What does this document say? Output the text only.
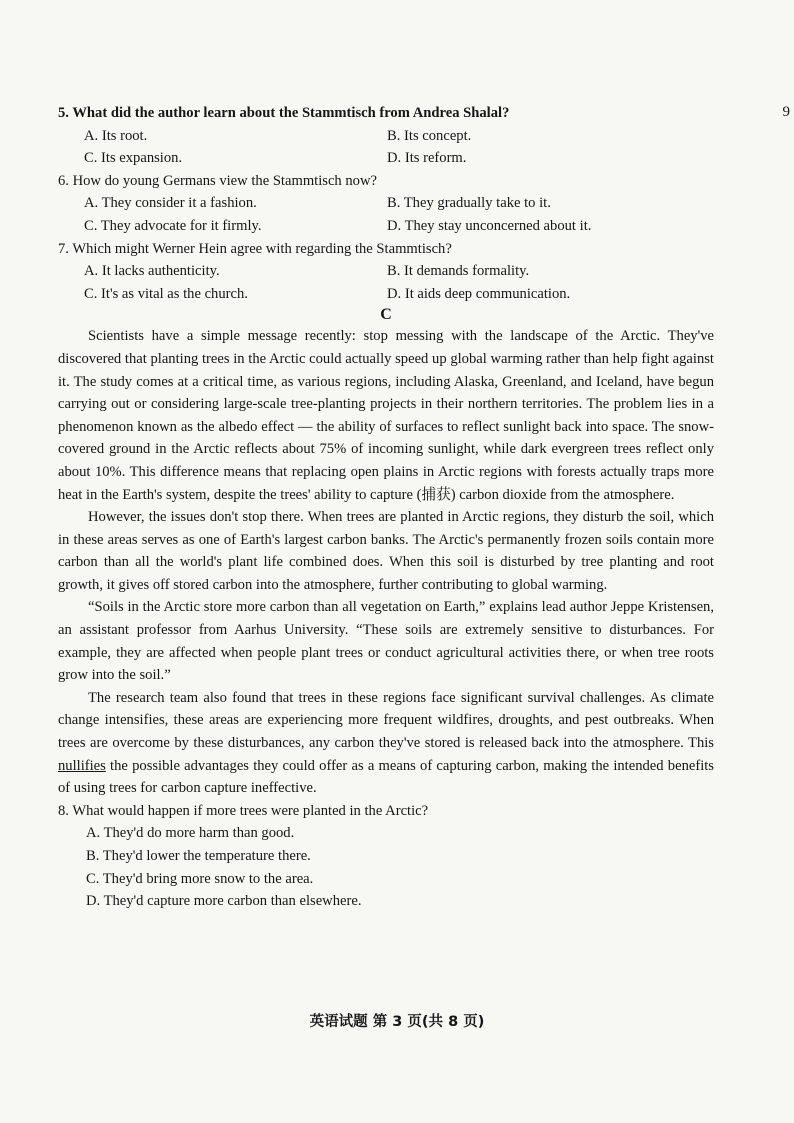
9
5. What did the author learn about the Stammtisch from Andrea Shalal?
A. Its root.	B. Its concept.
C. Its expansion.	D. Its reform.
6. How do young Germans view the Stammtisch now?
A. They consider it a fashion.	B. They gradually take to it.
C. They advocate for it firmly.	D. They stay unconcerned about it.
7. Which might Werner Hein agree with regarding the Stammtisch?
A. It lacks authenticity.	B. It demands formality.
C. It's as vital as the church.	D. It aids deep communication.
C

Scientists have a simple message recently: stop messing with the landscape of the Arctic. They've discovered that planting trees in the Arctic could actually speed up global warming rather than help fight against it. The study comes at a critical time, as various regions, including Alaska, Greenland, and Iceland, have begun carrying out or considering large-scale tree-planting projects in their northern territories. The problem lies in a phenomenon known as the albedo effect — the ability of surfaces to reflect sunlight back into space. The snow-covered ground in the Arctic reflects about 75% of incoming sunlight, while dark evergreen trees reflect only about 10%. This difference means that replacing open plains in Arctic regions with forests actually traps more heat in the Earth's system, despite the trees' ability to capture (捕获) carbon dioxide from the atmosphere.

However, the issues don't stop there. When trees are planted in Arctic regions, they disturb the soil, which in these areas serves as one of Earth's largest carbon banks. The Arctic's permanently frozen soils contain more carbon than all the world's plant life combined does. When this soil is disturbed by tree planting and root growth, it gives off stored carbon into the atmosphere, further contributing to global warming.

“Soils in the Arctic store more carbon than all vegetation on Earth,” explains lead author Jeppe Kristensen, an assistant professor from Aarhus University. “These soils are extremely sensitive to disturbances. For example, they are affected when people plant trees or conduct agricultural activities there, or when tree roots grow into the soil.”

The research team also found that trees in these regions face significant survival challenges. As climate change intensifies, these areas are experiencing more frequent wildfires, droughts, and pest outbreaks. When trees are overcome by these disturbances, any carbon they've stored is released back into the atmosphere. This nullifies the possible advantages they could offer as a means of capturing carbon, making the intended benefits of using trees for carbon capture ineffective.

8. What would happen if more trees were planted in the Arctic?
A. They'd do more harm than good.
B. They'd lower the temperature there.
C. They'd bring more snow to the area.
D. They'd capture more carbon than elsewhere.
英语试题 第 3 页(共 8 页)
